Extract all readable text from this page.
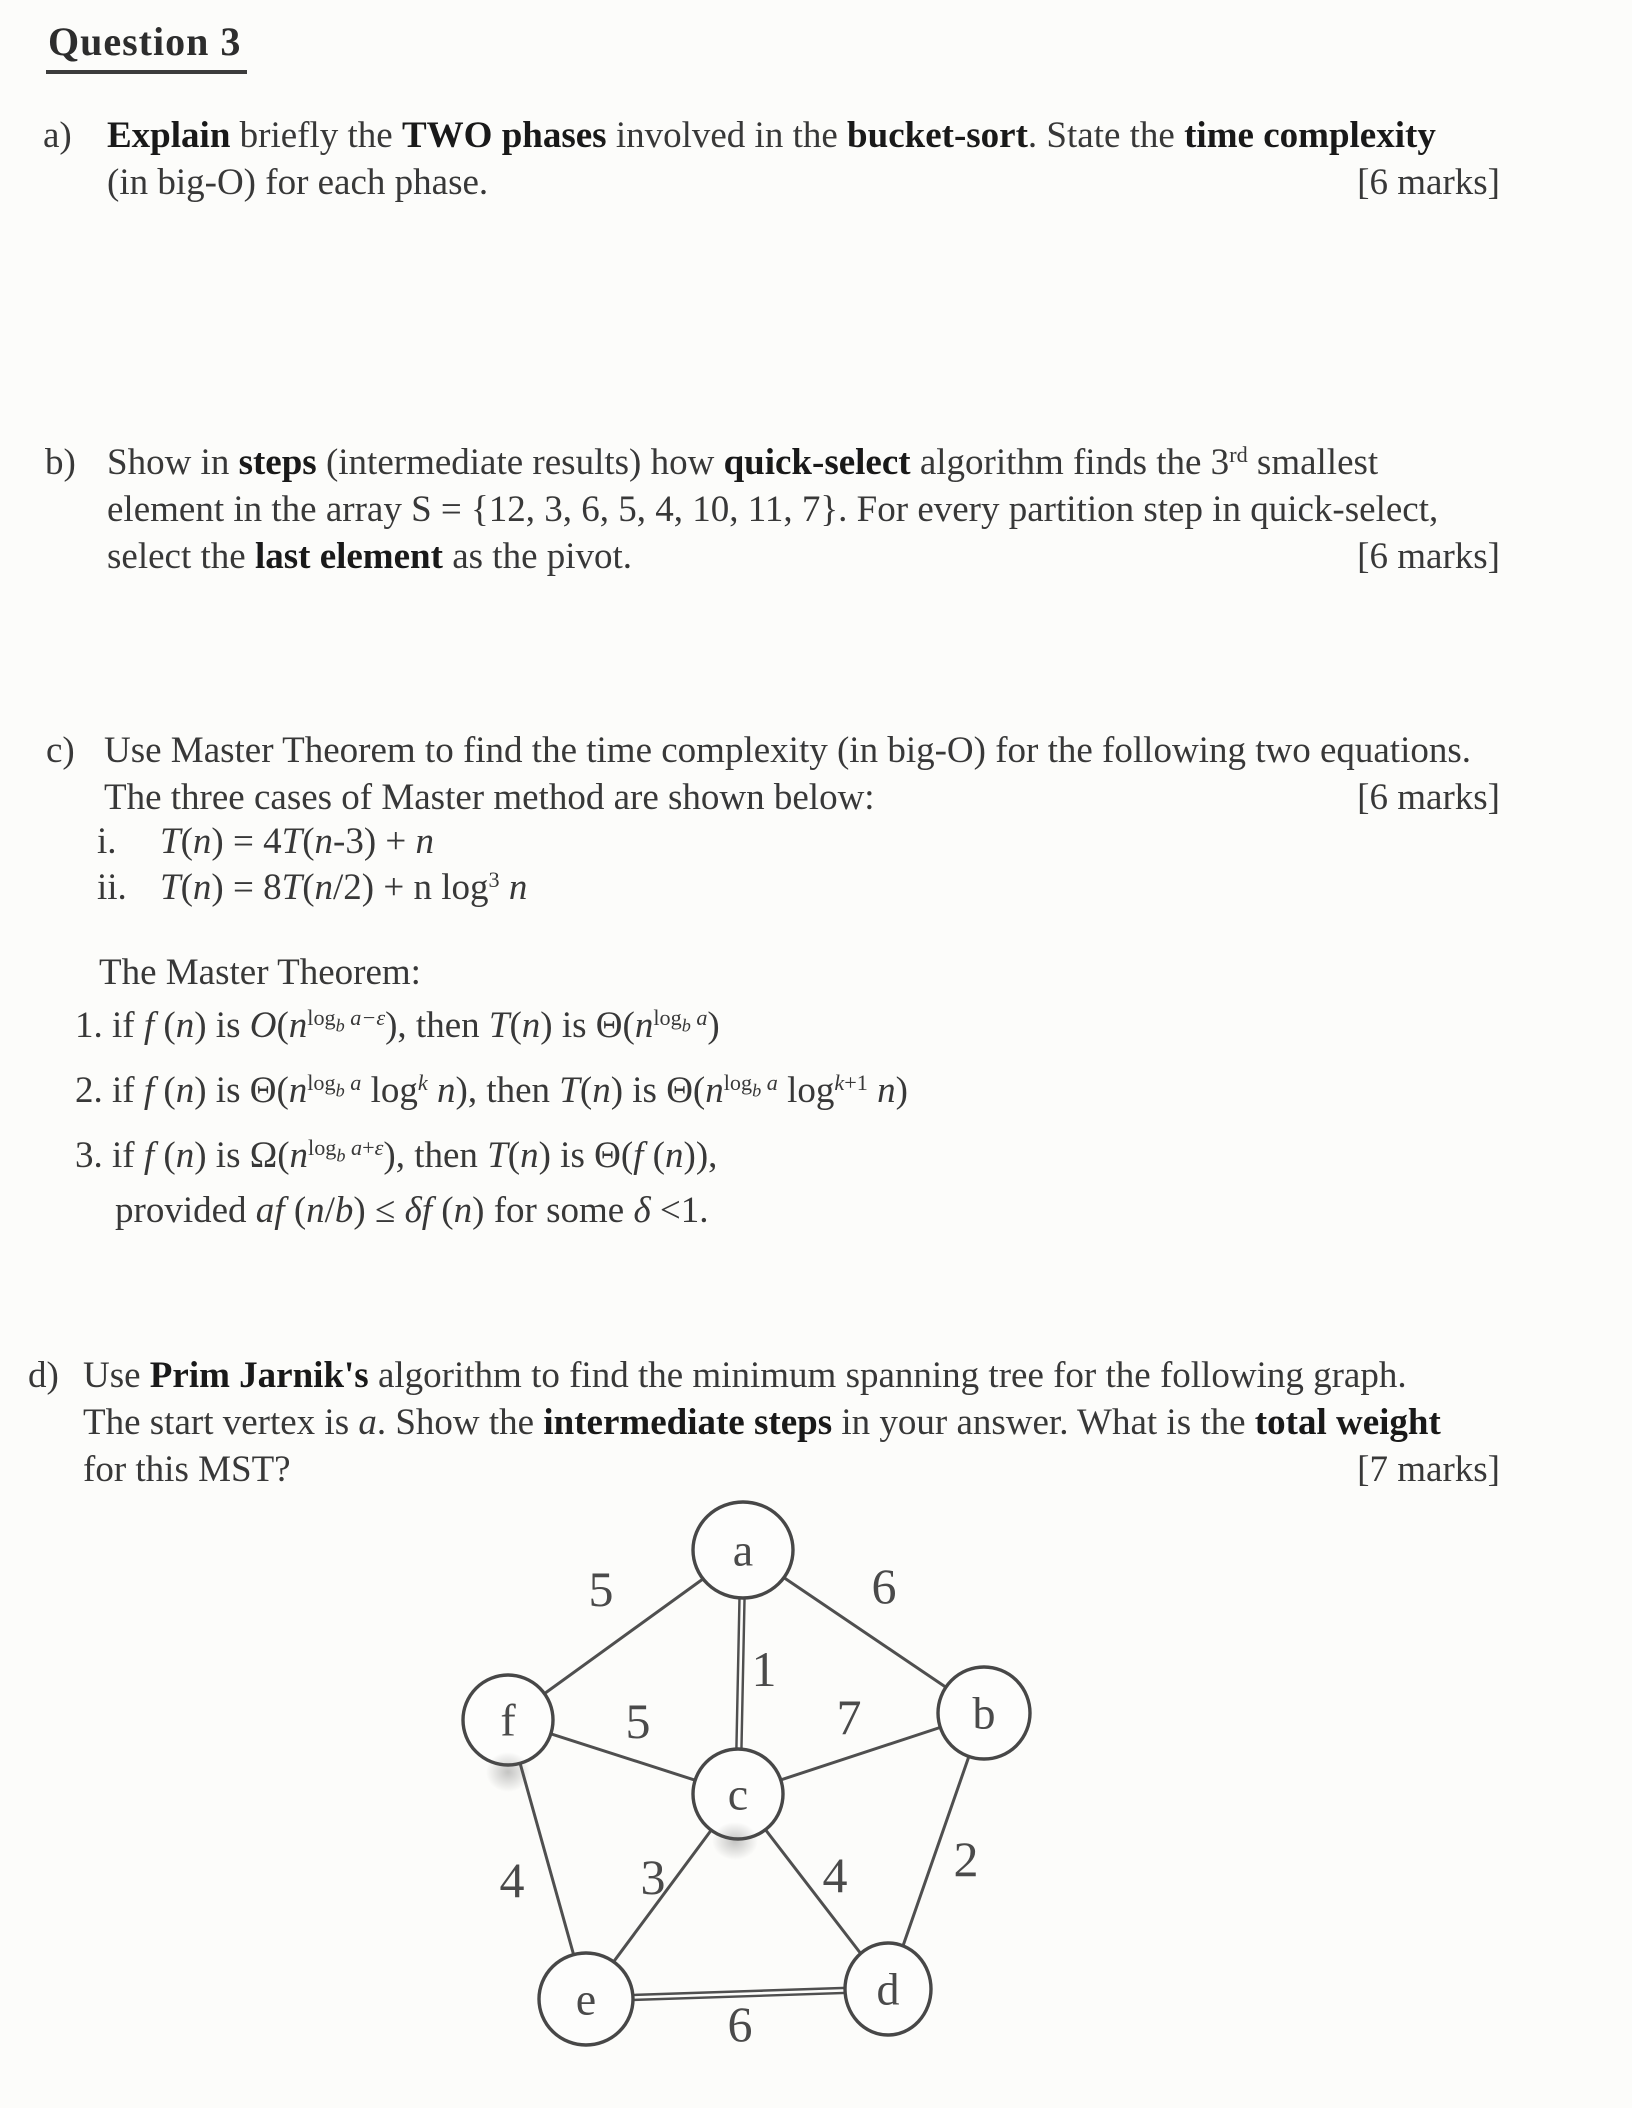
Question 3
a) Explain briefly the TWO phases involved in the bucket-sort. State the time complexity
(in big-O) for each phase.	[6 marks]
b) Show in steps (intermediate results) how quick-select algorithm finds the 3rd smallest
element in the array S = {12, 3, 6, 5, 4, 10, 11, 7}. For every partition step in quick-select,
select the last element as the pivot.	[6 marks]
c) Use Master Theorem to find the time complexity (in big-O) for the following two equations.
The three cases of Master method are shown below:	[6 marks]
i. T(n) = 4T(n-3) + n
ii. T(n) = 8T(n/2) + n $\log^3 n$
The Master Theorem:
1. if f (n) is $O(n^{log_b a-\varepsilon})$, then T(n) is $\Theta(n^{log_b a})$
2. if f (n) is $\Theta(n^{log_b a}$ $\log^k n$), then T(n) is $\Theta(n^{log_b a}$ $\log^{k+1} n$)
3. if f (n) is $\Omega(n^{log_b a+\varepsilon})$, then T(n) is Θ(f (n)),
provided af (n/b) ≤ δf (n) for some δ <1.
d) Use Prim Jarnik's algorithm to find the minimum spanning tree for the following graph.
The start vertex is a. Show the intermediate steps in your answer. What is the total weight
for this MST?	[7 marks]
a
b
c
d
e
f
5	6
1
5	7
4 3	4 2
6
